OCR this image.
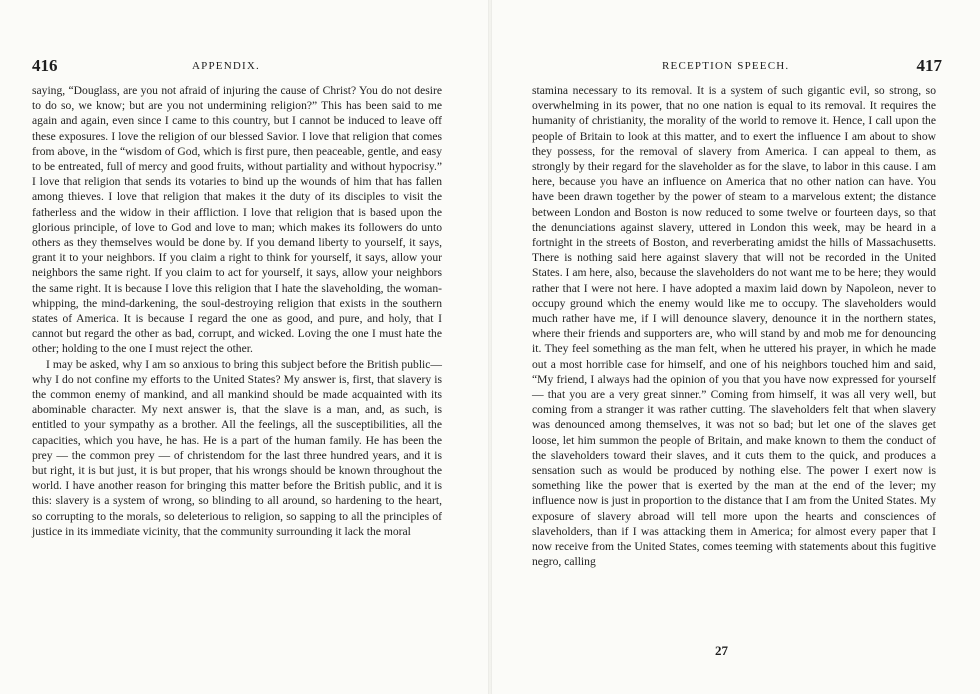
416	APPENDIX.

saying, “Douglass, are you not afraid of injuring the cause of Christ? You do not desire to do so, we know; but are you not undermining religion?” This has been said to me again and again, even since I came to this country, but I cannot be induced to leave off these exposures. I love the religion of our blessed Savior. I love that religion that comes from above, in the “wisdom of God, which is first pure, then peaceable, gentle, and easy to be entreated, full of mercy and good fruits, without partiality and without hypocrisy.” I love that religion that sends its votaries to bind up the wounds of him that has fallen among thieves. I love that religion that makes it the duty of its disciples to visit the fatherless and the widow in their affliction. I love that religion that is based upon the glorious principle, of love to God and love to man; which makes its followers do unto others as they themselves would be done by. If you demand liberty to yourself, it says, grant it to your neighbors. If you claim a right to think for yourself, it says, allow your neighbors the same right. If you claim to act for yourself, it says, allow your neighbors the same right. It is because I love this religion that I hate the slaveholding, the woman-whipping, the mind-darkening, the soul-destroying religion that exists in the southern states of America. It is because I regard the one as good, and pure, and holy, that I cannot but regard the other as bad, corrupt, and wicked. Loving the one I must hate the other; holding to the one I must reject the other.

I may be asked, why I am so anxious to bring this subject before the British public—why I do not confine my efforts to the United States? My answer is, first, that slavery is the common enemy of mankind, and all mankind should be made acquainted with its abominable character. My next answer is, that the slave is a man, and, as such, is entitled to your sympathy as a brother. All the feelings, all the susceptibilities, all the capacities, which you have, he has. He is a part of the human family. He has been the prey — the common prey — of christendom for the last three hundred years, and it is but right, it is but just, it is but proper, that his wrongs should be known throughout the world. I have another reason for bringing this matter before the British public, and it is this: slavery is a system of wrong, so blinding to all around, so hardening to the heart, so corrupting to the morals, so deleterious to religion, so sapping to all the principles of justice in its immediate vicinity, that the community surrounding it lack the moral

RECEPTION SPEECH.	417

stamina necessary to its removal. It is a system of such gigantic evil, so strong, so overwhelming in its power, that no one nation is equal to its removal. It requires the humanity of christianity, the morality of the world to remove it. Hence, I call upon the people of Britain to look at this matter, and to exert the influence I am about to show they possess, for the removal of slavery from America. I can appeal to them, as strongly by their regard for the slaveholder as for the slave, to labor in this cause. I am here, because you have an influence on America that no other nation can have. You have been drawn together by the power of steam to a marvelous extent; the distance between London and Boston is now reduced to some twelve or fourteen days, so that the denunciations against slavery, uttered in London this week, may be heard in a fortnight in the streets of Boston, and reverberating amidst the hills of Massachusetts. There is nothing said here against slavery that will not be recorded in the United States. I am here, also, because the slaveholders do not want me to be here; they would rather that I were not here. I have adopted a maxim laid down by Napoleon, never to occupy ground which the enemy would like me to occupy. The slaveholders would much rather have me, if I will denounce slavery, denounce it in the northern states, where their friends and supporters are, who will stand by and mob me for denouncing it. They feel something as the man felt, when he uttered his prayer, in which he made out a most horrible case for himself, and one of his neighbors touched him and said, “My friend, I always had the opinion of you that you have now expressed for yourself — that you are a very great sinner.” Coming from himself, it was all very well, but coming from a stranger it was rather cutting. The slaveholders felt that when slavery was denounced among themselves, it was not so bad; but let one of the slaves get loose, let him summon the people of Britain, and make known to them the conduct of the slaveholders toward their slaves, and it cuts them to the quick, and produces a sensation such as would be produced by nothing else. The power I exert now is something like the power that is exerted by the man at the end of the lever; my influence now is just in proportion to the distance that I am from the United States. My exposure of slavery abroad will tell more upon the hearts and consciences of slaveholders, than if I was attacking them in America; for almost every paper that I now receive from the United States, comes teeming with statements about this fugitive negro, calling

27
